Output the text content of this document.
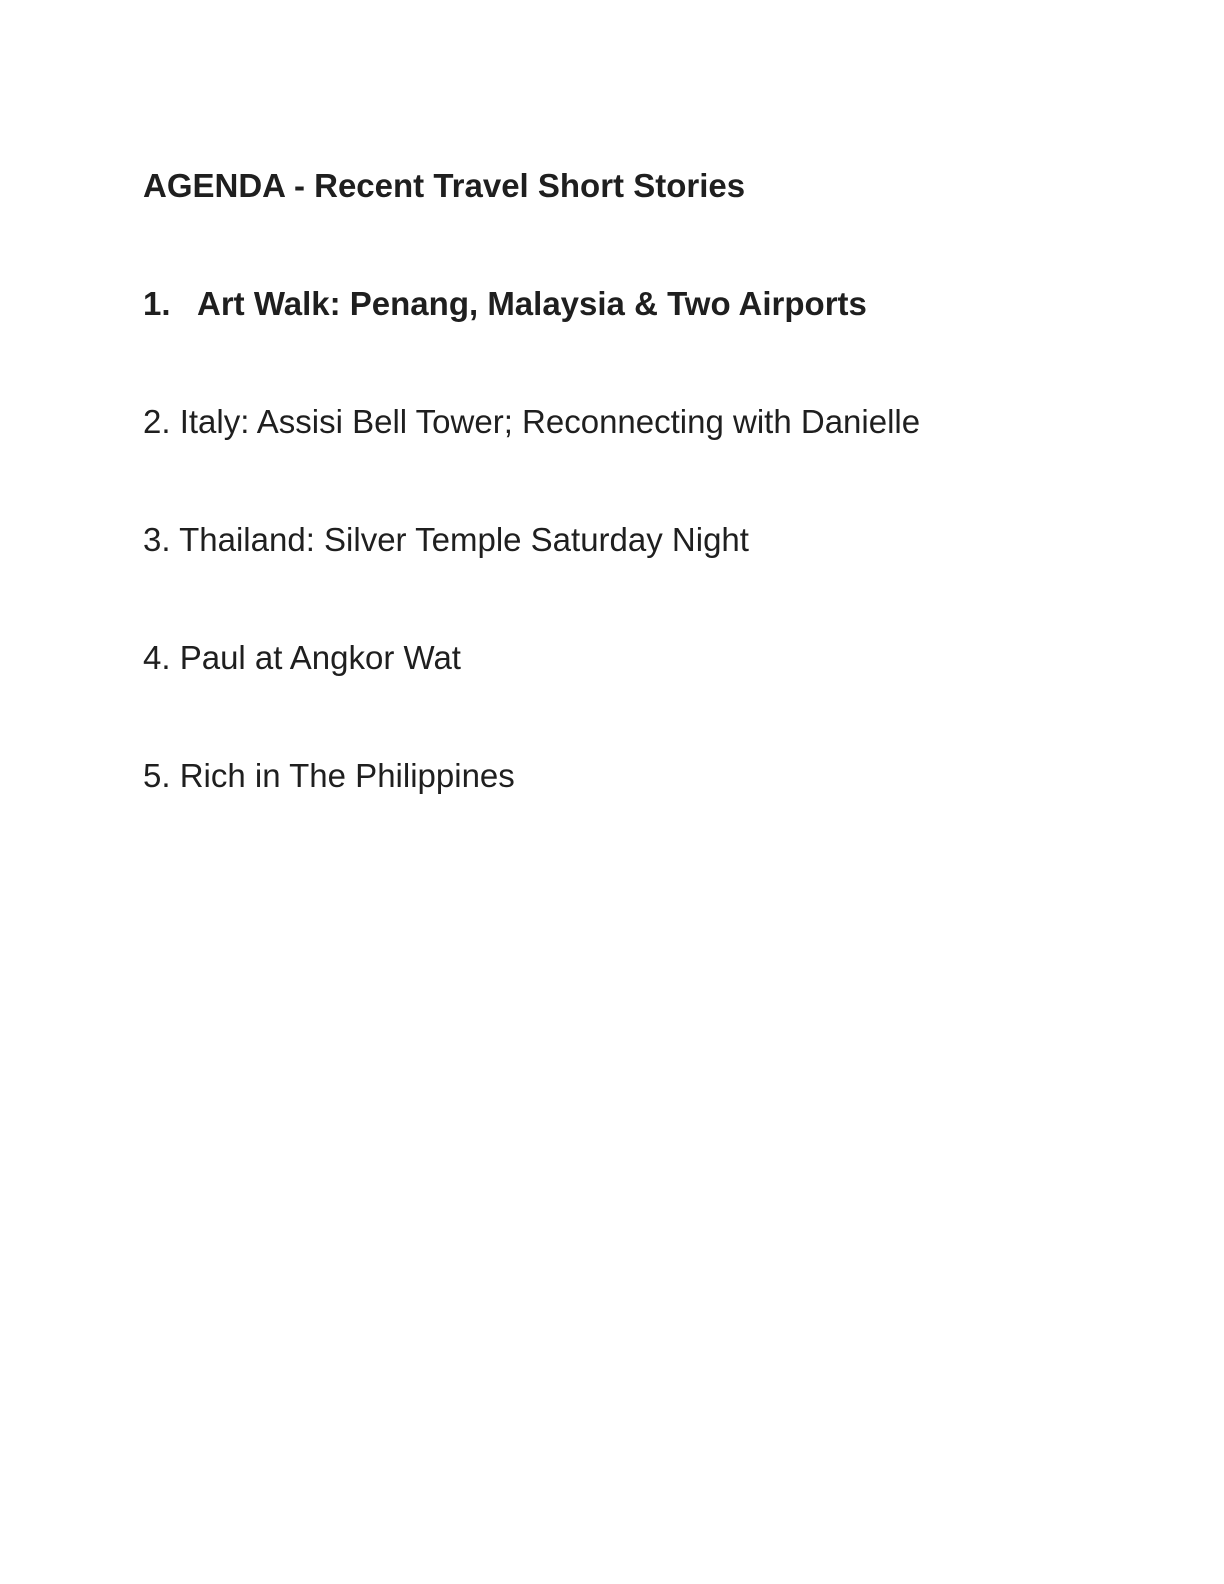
AGENDA - Recent Travel Short Stories
1. Art Walk: Penang, Malaysia & Two Airports
2. Italy: Assisi Bell Tower; Reconnecting with Danielle
3. Thailand: Silver Temple Saturday Night
4. Paul at Angkor Wat
5. Rich in The Philippines
